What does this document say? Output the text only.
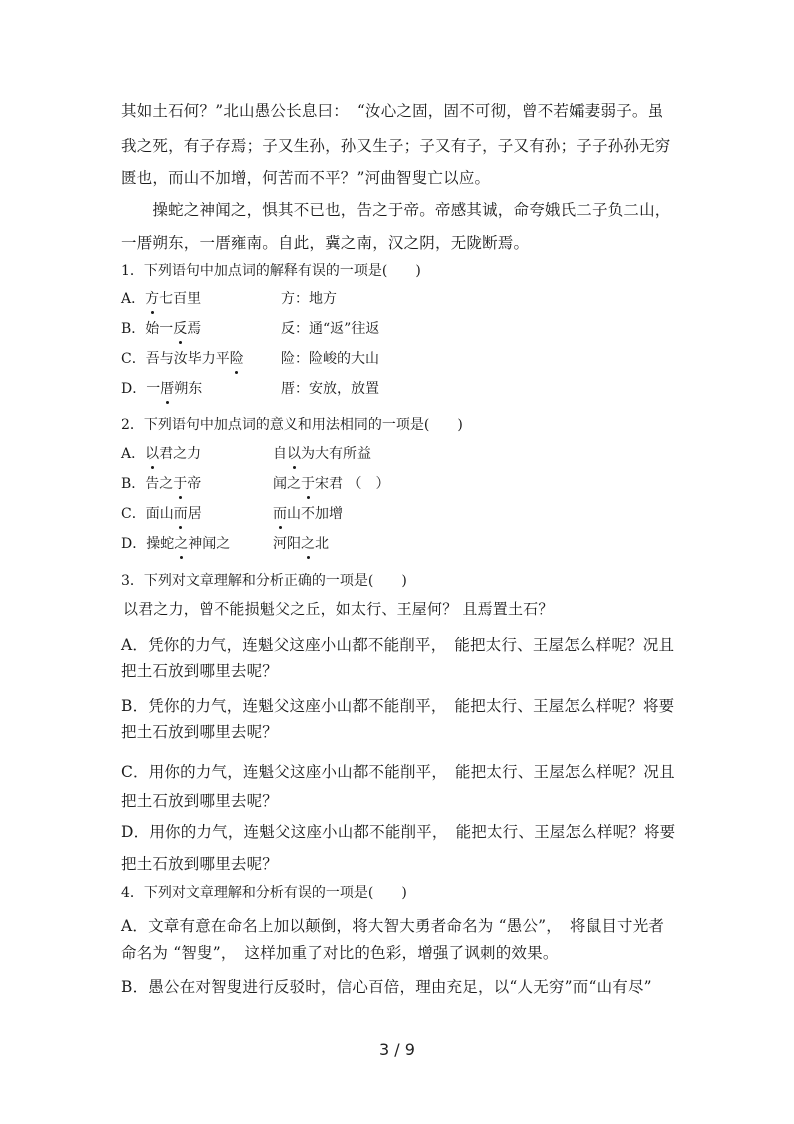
其如土石何？”北山愚公长息曰：　“汝心之固，固不可彻，曾不若孀妻弱子。虽
我之死，有子存焉；子又生孙，孙又生子；子又有子，子又有孙；子子孙孙无穷
匮也，而山不加增，何苦而不平？”河曲智叟亡以应。
　　操蛇之神闻之，惧其不已也，告之于帝。帝感其诚，命夸娥氏二子负二山，
一厝朔东，一厝雍南。自此，冀之南，汉之阴，无陇断焉。
1．下列语句中加点词的解释有误的一项是(　　)
A．方七百里	方：地方
B．始一反焉	反：通“返”往返
C．吾与汝毕力平险	险：险峻的大山
D．一厝朔东	厝：安放，放置
2．下列语句中加点词的意义和用法相同的一项是(　　)
A．以君之力	自以为大有所益
B．告之于帝	闻之于宋君 （　）
C．面山而居	而山不加增
D．操蛇之神闻之	河阳之北
3．下列对文章理解和分析正确的一项是(　　)
以君之力，曾不能损魁父之丘，如太行、王屋何？ 且焉置土石？
A．凭你的力气，连魁父这座小山都不能削平，　能把太行、王屋怎么样呢？况且
把土石放到哪里去呢？
B．凭你的力气，连魁父这座小山都不能削平，　能把太行、王屋怎么样呢？将要
把土石放到哪里去呢？
C．用你的力气，连魁父这座小山都不能削平，　能把太行、王屋怎么样呢？况且
把土石放到哪里去呢？
D．用你的力气，连魁父这座小山都不能削平，　能把太行、王屋怎么样呢？将要
把土石放到哪里去呢？
4．下列对文章理解和分析有误的一项是(　　)
A．文章有意在命名上加以颠倒，将大智大勇者命名为 “愚公”，　将鼠目寸光者
命名为 “智叟”，　这样加重了对比的色彩，增强了讽刺的效果。
B．愚公在对智叟进行反驳时，信心百倍，理由充足，以“人无穷”而“山有尽”
3 / 9
